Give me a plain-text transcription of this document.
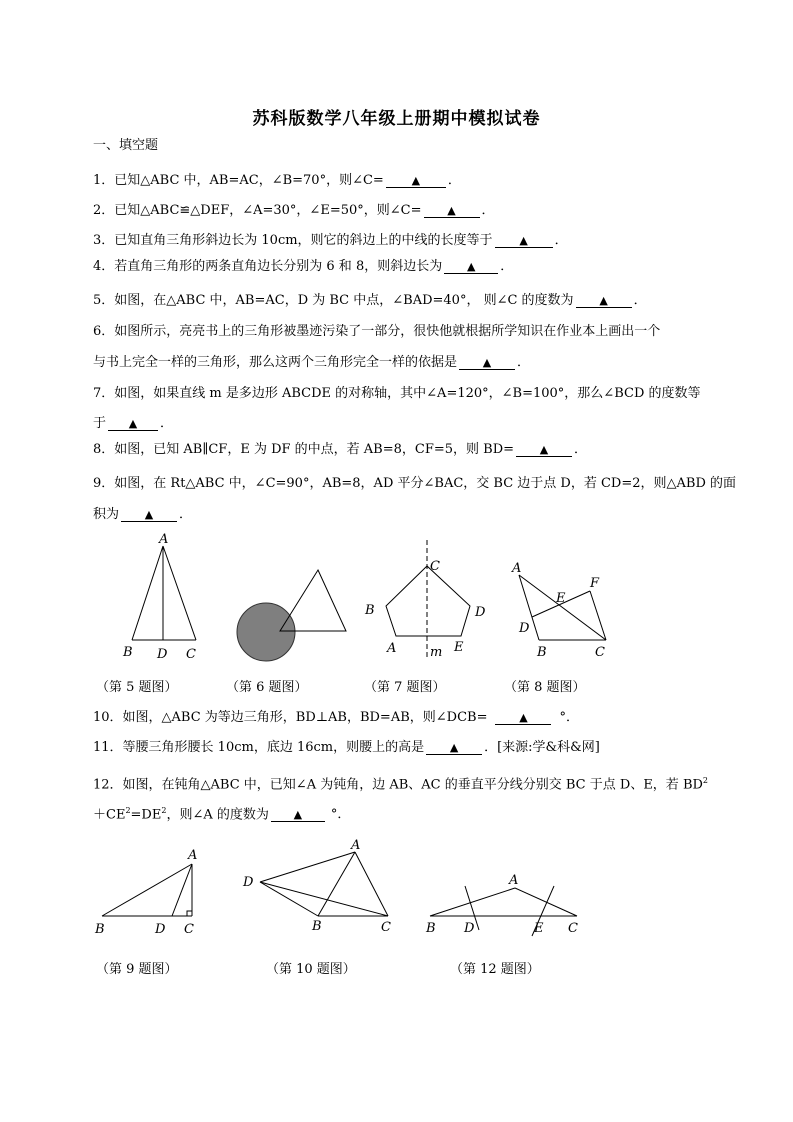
苏科版数学八年级上册期中模拟试卷
一、填空题
1．已知△ABC 中，AB=AC，∠B=70°，则∠C=	▲ ．
2．已知△ABC≌△DEF，∠A=30°，∠E=50°，则∠C= ▲ ．
3．已知直角三角形斜边长为 10cm，则它的斜边上的中线的长度等于 ▲ ．
4．若直角三角形的两条直角边长分别为 6 和 8，则斜边长为 ▲ ．
5．如图，在△ABC 中，AB=AC，D 为 BC 中点，∠BAD=40°， 则∠C 的度数为 ▲ ．
6．如图所示，亮亮书上的三角形被墨迹污染了一部分，很快他就根据所学知识在作业本上画出一个
与书上完全一样的三角形，那么这两个三角形完全一样的依据是 ▲ ．
7．如图，如果直线 m 是多边形 ABCDE 的对称轴，其中∠A=120°，∠B=100°，那么∠BCD 的度数等
于 ▲ ．
8．如图，已知 AB∥CF，E 为 DF 的中点，若 AB=8，CF=5，则 BD= ▲ ．
9．如图，在 Rt△ABC 中，∠C=90°，AB=8，AD 平分∠BAC，交 BC 边于点 D，若 CD=2，则△ABD 的面
积为 ▲ ．
A
B D C
C
B	D
A	m E
A
F
E
D
B	C
（第 5 题图）	（第 6 题图）	（第 7 题图）	（第 8 题图）
10．如图，△ABC 为等边三角形，BD⊥AB，BD=AB，则∠DCB=	▲ °．
11．等腰三角形腰长 10cm，底边 16cm，则腰上的高是 ▲ ．[来源:学&科&网]
12．如图，在钝角△ABC 中，已知∠A 为钝角，边 AB、AC 的垂直平分线分别交 BC 于点 D、E，若 $BD^2$
$+CE^2=DE^2$，则∠A 的度数为 ▲ °．
A
B	D C
A
D
B	C
A
B D	E C
（第 9 题图）	（第 10 题图）	（第 12 题图）
